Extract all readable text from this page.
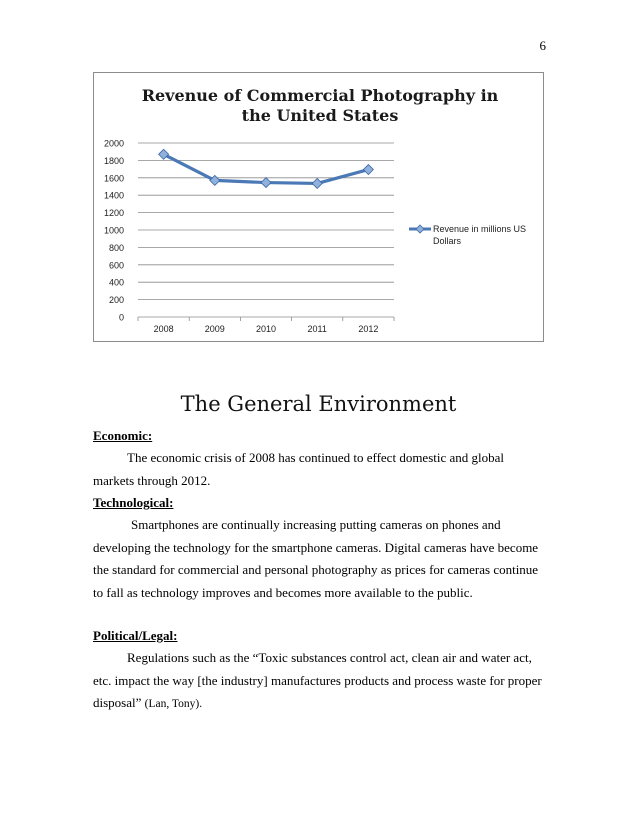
6
0
200
400
600
800
1000
1200
1400
1600
1800
2000
2008	2009	2010	2011	2012
Revenue in millions US
Dollars
Revenue of Commercial Photography in
the United States
The General Environment
Economic:

The economic crisis of 2008 has continued to effect domestic and global markets through 2012.

Technological:

Smartphones are continually increasing putting cameras on phones and developing the technology for the smartphone cameras. Digital cameras have become the standard for commercial and personal photography as prices for cameras continue to fall as technology improves and becomes more available to the public.

Political/Legal:

Regulations such as the “Toxic substances control act, clean air and water act, etc. impact the way [the industry] manufactures products and process waste for proper disposal” (Lan, Tony).
